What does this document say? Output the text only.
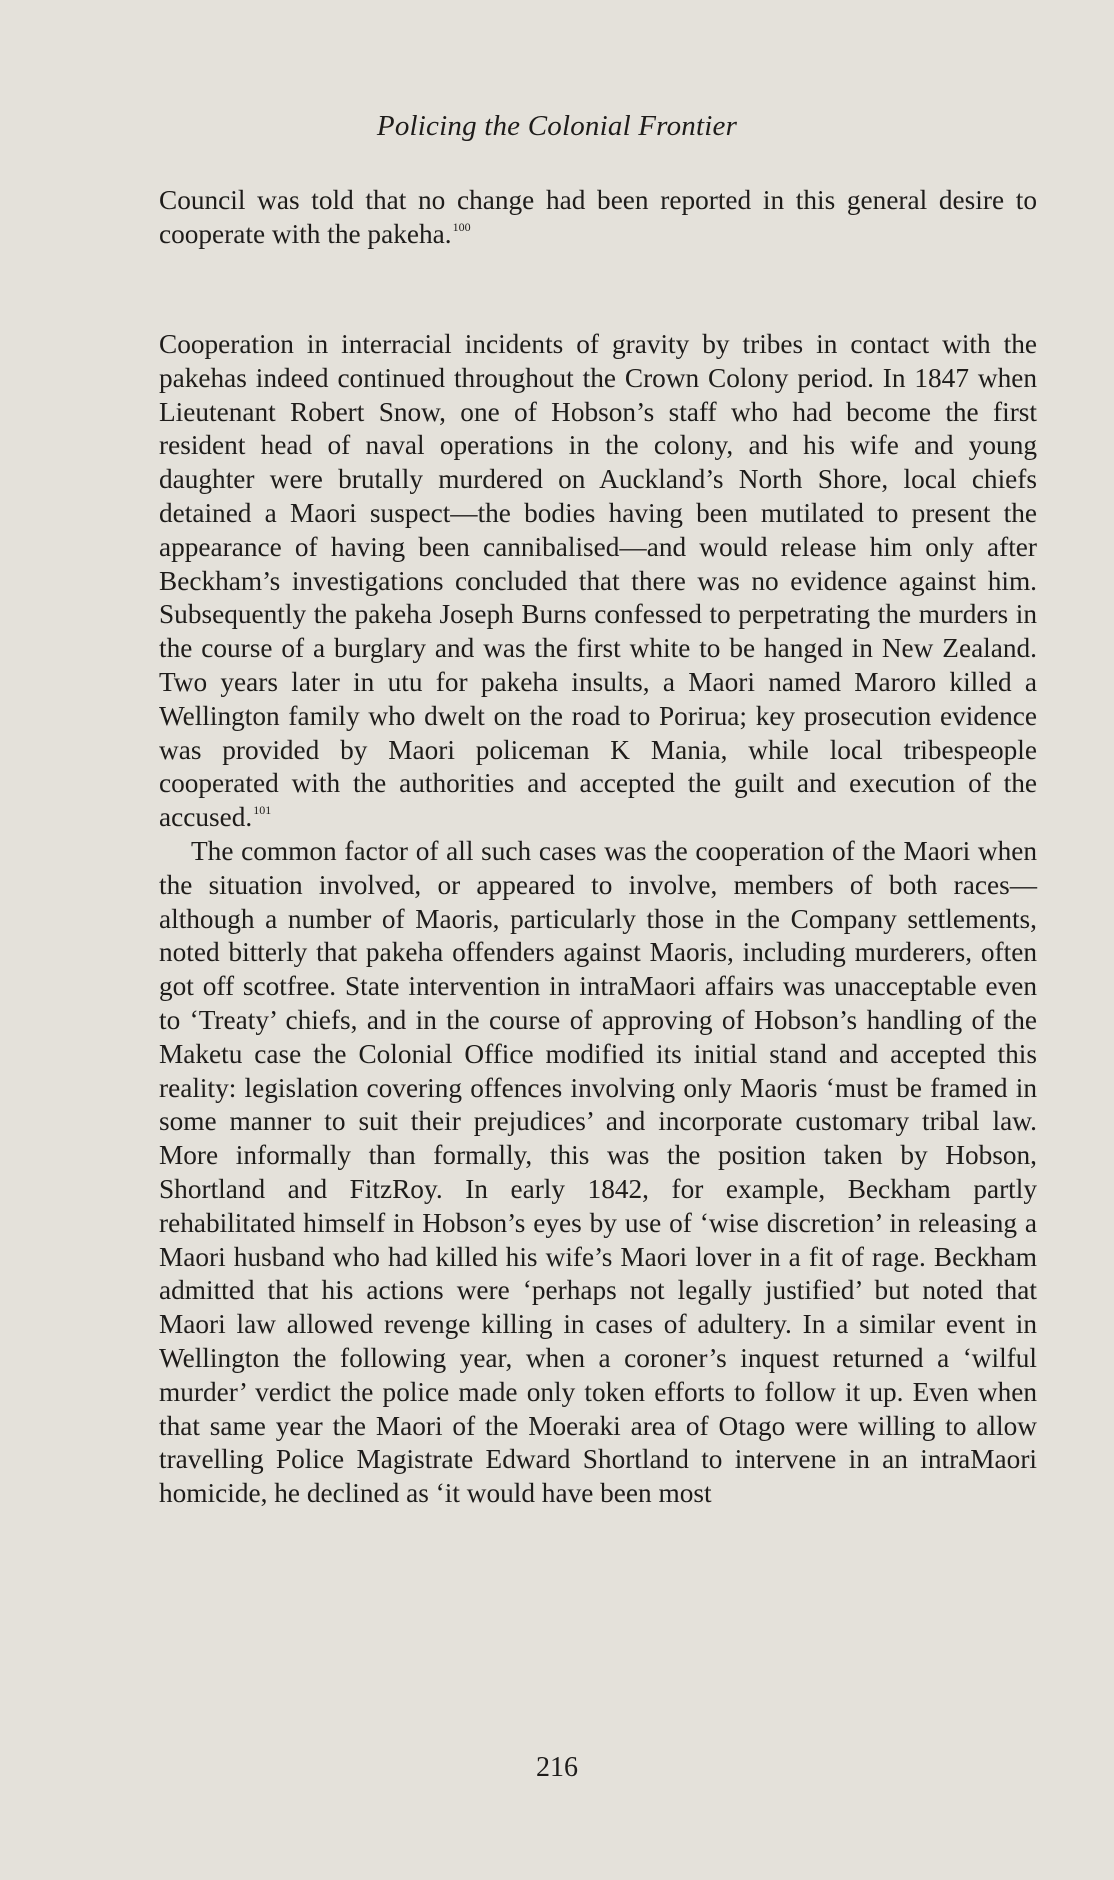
Policing the Colonial Frontier

Council was told that no change had been reported in this general desire to cooperate with the pakeha.$^{100}$

Cooperation in interracial incidents of gravity by tribes in contact with the pakehas indeed continued throughout the Crown Colony period. In 1847 when Lieutenant Robert Snow, one of Hobson’s staff who had become the first resident head of naval operations in the colony, and his wife and young daughter were brutally murdered on Auckland’s North Shore, local chiefs detained a Maori suspect—the bodies having been mutilated to present the appearance of having been cannibalised—and would release him only after Beckham’s investigations concluded that there was no evidence against him. Subsequently the pakeha Joseph Burns confessed to perpetrating the murders in the course of a burglary and was the first white to be hanged in New Zealand. Two years later in utu for pakeha insults, a Maori named Maroro killed a Wellington family who dwelt on the road to Porirua; key prosecution evidence was provided by Maori policeman K Mania, while local tribespeople cooperated with the authorities and accepted the guilt and execution of the accused.$^{101}$

The common factor of all such cases was the cooperation of the Maori when the situation involved, or appeared to involve, members of both races—although a number of Maoris, particularly those in the Company settlements, noted bitterly that pakeha offenders against Maoris, including murderers, often got off scotfree. State intervention in intraMaori affairs was unacceptable even to ‘Treaty’ chiefs, and in the course of approving of Hobson’s handling of the Maketu case the Colonial Office modified its initial stand and accepted this reality: legislation covering offences involving only Maoris ‘must be framed in some manner to suit their prejudices’ and incorporate customary tribal law. More informally than formally, this was the position taken by Hobson, Shortland and FitzRoy. In early 1842, for example, Beckham partly rehabilitated himself in Hobson’s eyes by use of ‘wise discretion’ in releasing a Maori husband who had killed his wife’s Maori lover in a fit of rage. Beckham admitted that his actions were ‘perhaps not legally justified’ but noted that Maori law allowed revenge killing in cases of adultery. In a similar event in Wellington the following year, when a coroner’s inquest returned a ‘wilful murder’ verdict the police made only token efforts to follow it up. Even when that same year the Maori of the Moeraki area of Otago were willing to allow travelling Police Magistrate Edward Shortland to intervene in an intraMaori homicide, he declined as ‘it would have been most

216
